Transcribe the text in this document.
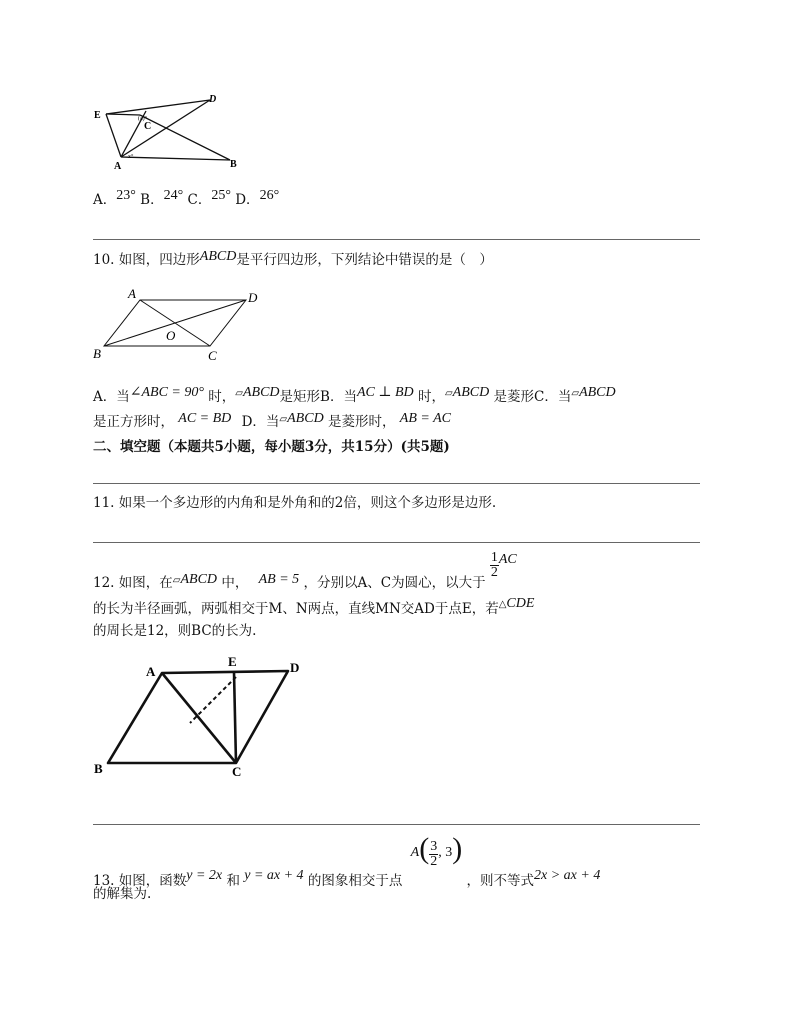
E
D
C
A	B
(a)°
x°
A．23° B．24° C．25° D．26°
10. 如图，四边形ABCD是平行四边形，下列结论中错误的是（　）
A	D
O
B	C
A．当∠ABC = 90° 时，▱ABCD是矩形B．当AC ⊥ BD 时，▱ABCD 是菱形C．当▱ABCD
是正方形时， AC = BD D．当▱ABCD 是菱形时， AB = AC
二、填空题（本题共5小题，每小题3分，共15分）(共5题)
11. 如果一个多边形的内角和是外角和的2倍，则这个多边形是边形.
12. 如图，在$_▱$ABCD 中， AB = 5 ，分别以A、C为圆心，以大于
$\frac{1}{2}$ AC
的长为半径画弧，两弧相交于M、N两点，直线MN交AD于点E，若△CDE
的周长是12，则BC的长为.
A
E	D
B	C
13. 如图，函数y = 2x 和 y = ax + 4 的图象相交于点 $A( \frac{3}{2}$ , 3) ，则不等式2x > ax + 4
的解集为.
